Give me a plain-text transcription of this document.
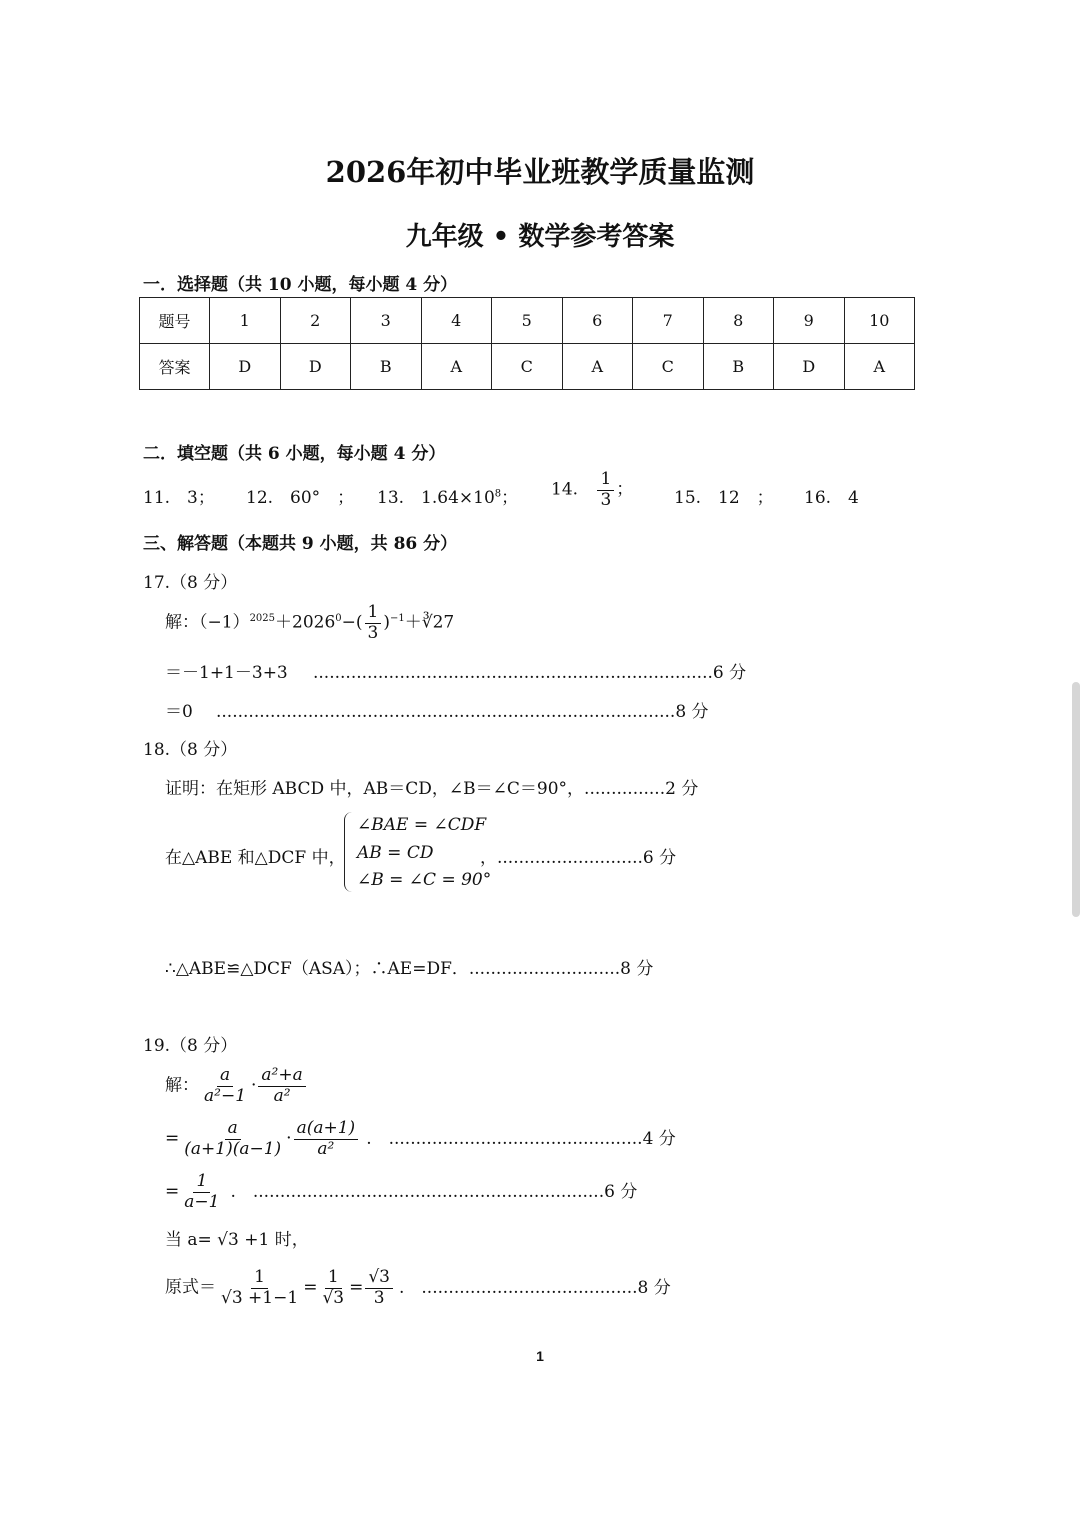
2026年初中毕业班教学质量监测
九年级 • 数学参考答案
一．选择题（共 10 小题，每小题 4 分）
题号	1	2	3	4	5	6	7	8	9	10
答案	D	D	B	A	C	A	C	B	D	A
二．填空题（共 6 小题，每小题 4 分）
11.　3； 12.　60°　； 13.　$1.64\times 10^8$； 14. $\frac{1}{3}$ ； 15.　12　； 16.　4
三、解答题（本题共 9 小题，共 86 分）
17.（8 分）
解：$(-1)^{2025}+2026^0-( \frac{1}{3}$ )$^{-1}+∛27$
＝－1+1－3+3 ..........................................................................6 分
＝0 .....................................................................................8 分
18.（8 分）
证明：在矩形 ABCD 中，AB＝CD，∠B＝∠C＝90°，...............2 分
在△ABE 和△DCF 中，
∠BAE = ∠CDF
AB = CD
∠B = ∠C = 90°
，...........................6 分
∴△ABE≌△DCF（ASA）；∴AE=DF．............................8 分
19.（8 分）
解： $\frac{a}{\text{a²−1}} \cdot \frac{\text{a²+a}}{\text{a²}}$
= $\frac{a}{(a+1)(a-1)} \cdot \frac{a(a+1)}{\text{a²}}$ .　...............................................4 分
= $\frac{1}{a-1}$ .　.................................................................6 分
当 a= √3 +1 时，
原式＝ $\frac{1}{√3 +1-1} = \frac{1}{√3} = \frac{√3}{3}$ .　........................................8 分
1
